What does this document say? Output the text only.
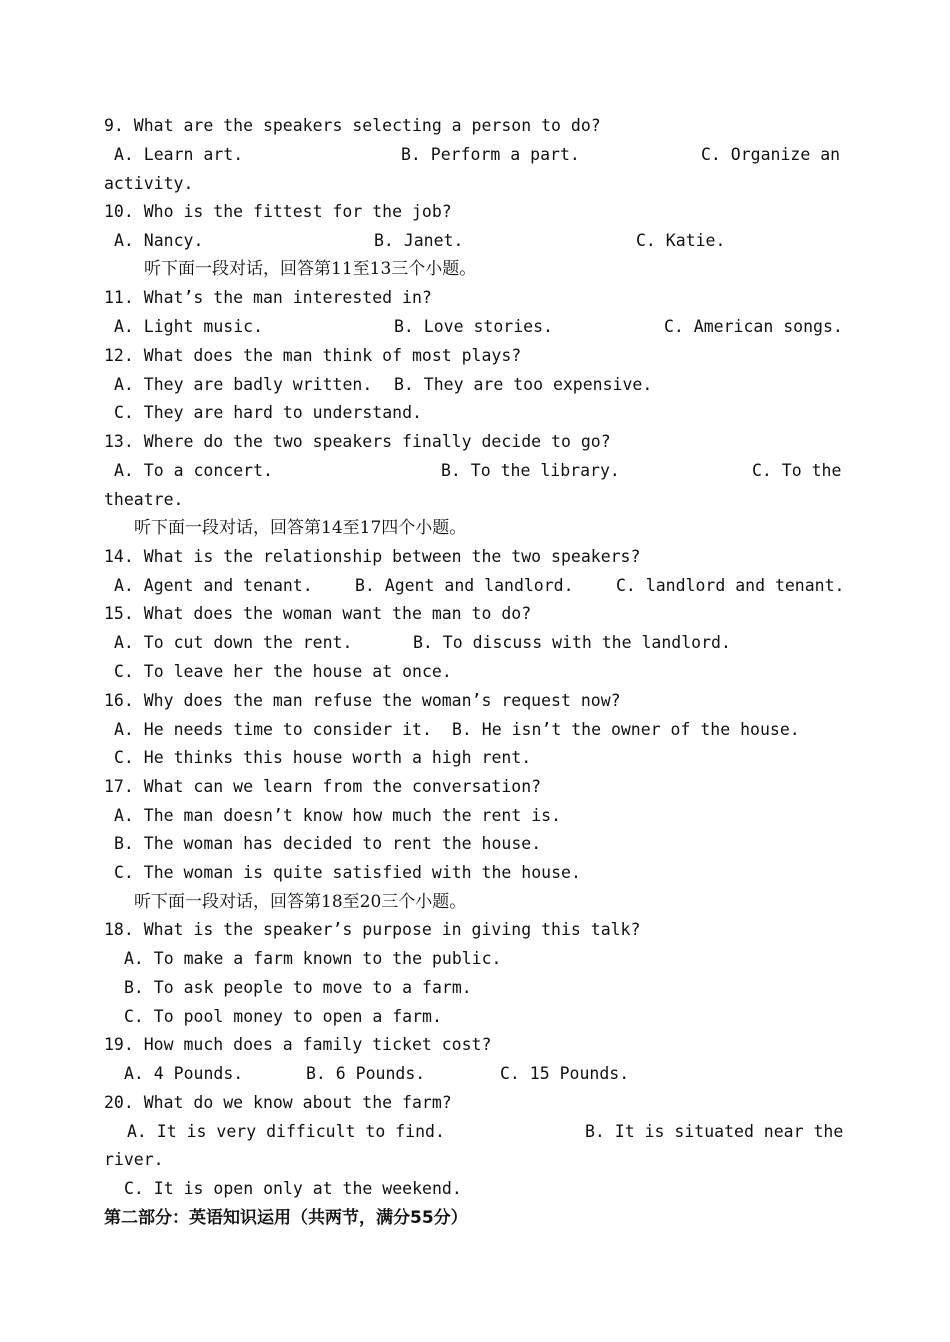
9. What are the speakers selecting a person to do?
A. Learn art.	B. Perform a part.	C. Organize an
activity.
10. Who is the fittest for the job?
A. Nancy.	B. Janet.	C. Katie.
听下面一段对话，回答第11至13三个小题。
11. What’s the man interested in?
A. Light music.	B. Love stories.	C. American songs.
12. What does the man think of most plays?
A. They are badly written. B. They are too expensive.
C. They are hard to understand.
13. Where do the two speakers finally decide to go?
A. To a concert.	B. To the library.	C. To the
theatre.
听下面一段对话，回答第14至17四个小题。
14. What is the relationship between the two speakers?
A. Agent and tenant.	B. Agent and landlord.	C. landlord and tenant.
15. What does the woman want the man to do?
A. To cut down the rent.	B. To discuss with the landlord.
C. To leave her the house at once.
16. Why does the man refuse the woman’s request now?
A. He needs time to consider it. B. He isn’t the owner of the house.
C. He thinks this house worth a high rent.
17. What can we learn from the conversation?
A. The man doesn’t know how much the rent is.
B. The woman has decided to rent the house.
C. The woman is quite satisfied with the house.
听下面一段对话，回答第18至20三个小题。
18. What is the speaker’s purpose in giving this talk?
A. To make a farm known to the public.
B. To ask people to move to a farm.
C. To pool money to open a farm.
19. How much does a family ticket cost?
A. 4 Pounds.	B. 6 Pounds.	C. 15 Pounds.
20. What do we know about the farm?
A. It is very difficult to find.	B. It is situated near the
river.
C. It is open only at the weekend.
第二部分：英语知识运用（共两节，满分55分）
